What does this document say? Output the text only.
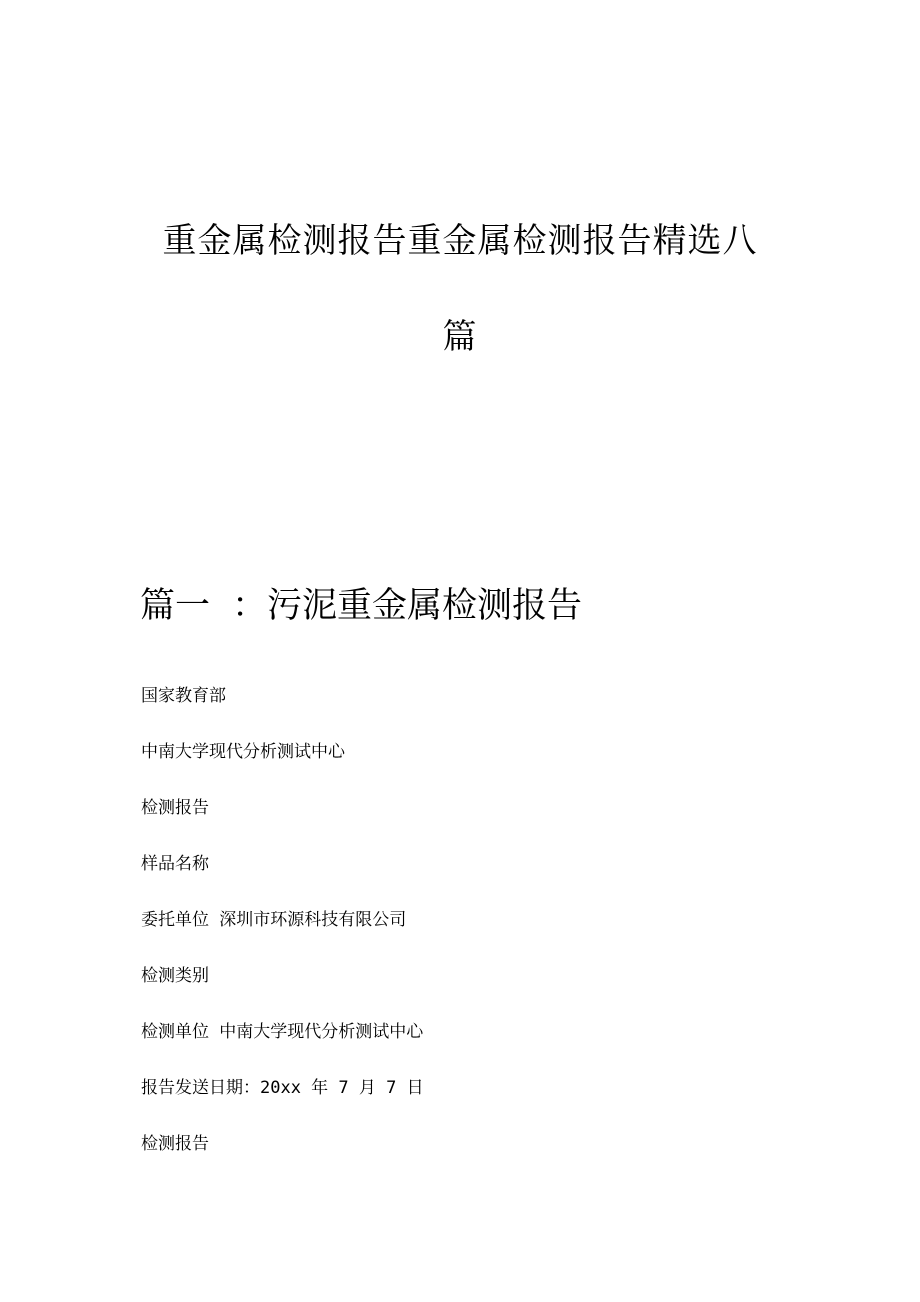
重金属检测报告重金属检测报告精选八
篇
篇一 ：污泥重金属检测报告
国家教育部
中南大学现代分析测试中心
检测报告
样品名称
委托单位 深圳市环源科技有限公司
检测类别
检测单位 中南大学现代分析测试中心
报告发送日期：20xx 年 7 月 7 日
检测报告
